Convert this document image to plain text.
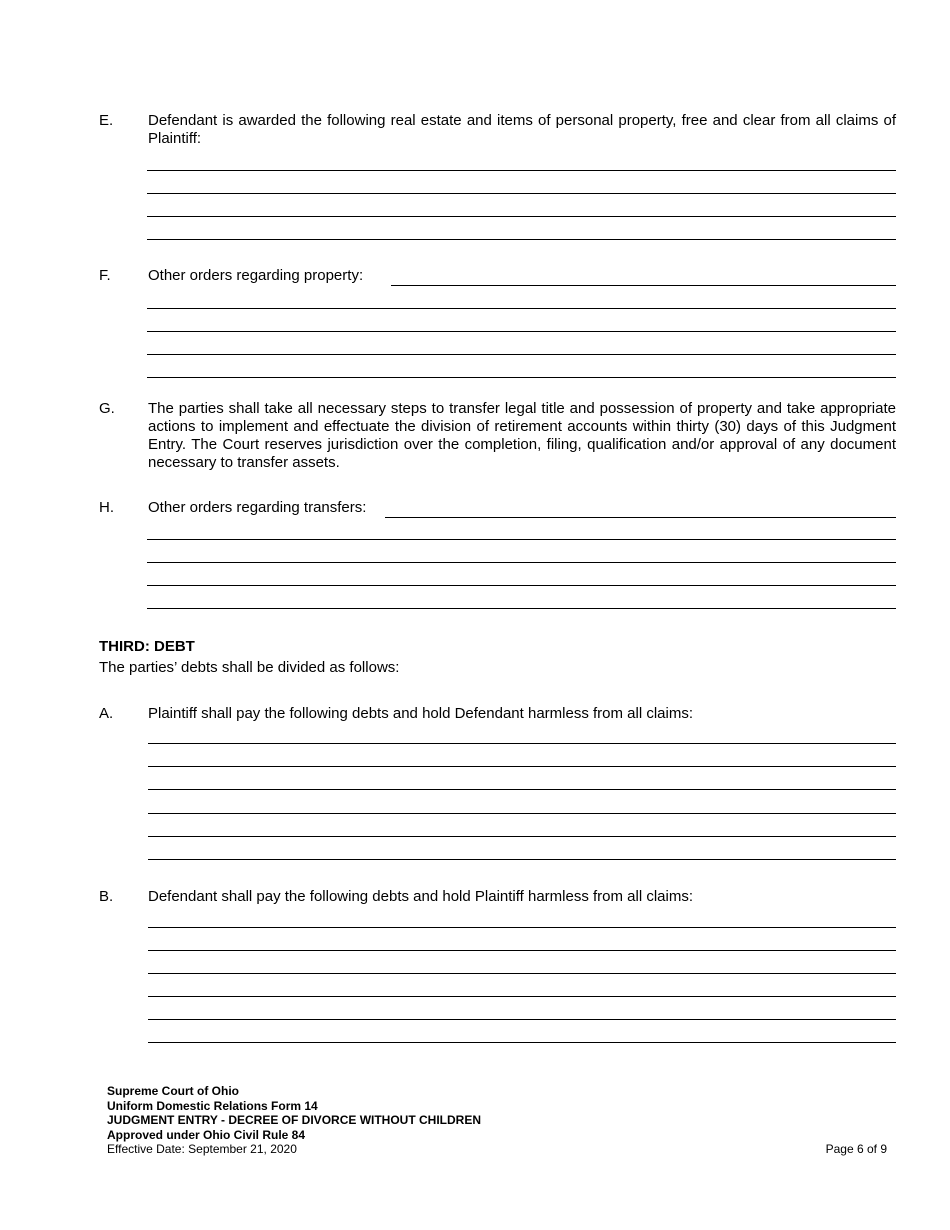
E. Defendant is awarded the following real estate and items of personal property, free and clear from all claims of Plaintiff:
F. Other orders regarding property:
G. The parties shall take all necessary steps to transfer legal title and possession of property and take appropriate actions to implement and effectuate the division of retirement accounts within thirty (30) days of this Judgment Entry. The Court reserves jurisdiction over the completion, filing, qualification and/or approval of any document necessary to transfer assets.
H. Other orders regarding transfers:
THIRD: DEBT
The parties’ debts shall be divided as follows:
A. Plaintiff shall pay the following debts and hold Defendant harmless from all claims:
B. Defendant shall pay the following debts and hold Plaintiff harmless from all claims:
Supreme Court of Ohio
Uniform Domestic Relations Form 14
JUDGMENT ENTRY - DECREE OF DIVORCE WITHOUT CHILDREN
Approved under Ohio Civil Rule 84
Effective Date: September 21, 2020	Page 6 of 9
